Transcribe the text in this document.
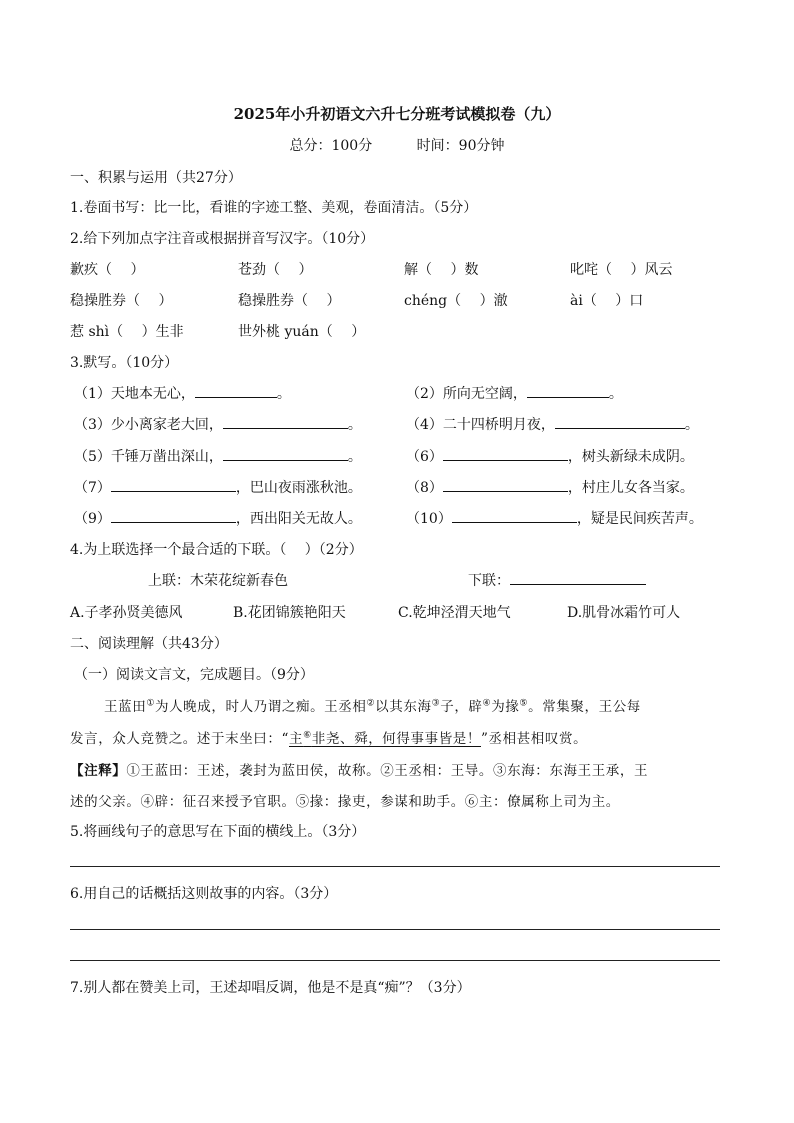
2025年小升初语文六升七分班考试模拟卷（九）
总分：100分	时间：90分钟
一、积累与运用（共27分）
1.卷面书写：比一比，看谁的字迹工整、美观，卷面清洁。（5分）
2.给下列加点字注音或根据拼音写汉字。（10分）
歉疚（　 ）	苍劲（　 ）	解（　 ）数	叱咤（　 ）风云
稳操胜券（　 ）	稳操胜券（　 ）	chéng（　 ）澈	ài（　 ）口
惹 shì（　 ）生非	世外桃 yuán（　 ）
3.默写。（10分）
（1）天地本无心，	。	（2）所向无空阔，	。
（3）少小离家老大回，	。	（4）二十四桥明月夜，	。
（5）千锤万凿出深山，	。	（6）	，树头新绿未成阴。
（7）	，巴山夜雨涨秋池。	（8）	，村庄儿女各当家。
（9）	，西出阳关无故人。	（10）	，疑是民间疾苦声。
4.为上联选择一个最合适的下联。（　 ）（2分）
上联：木荣花绽新春色	下联：
A.子孝孙贤美德风	B.花团锦簇艳阳天	C.乾坤泾渭天地气	D.肌骨冰霜竹可人
二、阅读理解（共43分）
（一）阅读文言文，完成题目。（9分）
王蓝田①为人晚成，时人乃谓之痴。王丞相②以其东海③子，辟④为掾⑤。常集聚，王公每
发言，众人竞赞之。述于末坐曰：“主⑥非尧、舜，何得事事皆是！”丞相甚相叹赏。
【注释】①王蓝田：王述，袭封为蓝田侯，故称。②王丞相：王导。③东海：东海王王承，王
述的父亲。④辟：征召来授予官职。⑤掾：掾吏，参谋和助手。⑥主：僚属称上司为主。
5.将画线句子的意思写在下面的横线上。（3分）
6.用自己的话概括这则故事的内容。（3分）
7.别人都在赞美上司，王述却唱反调，他是不是真“痴”？（3分）
